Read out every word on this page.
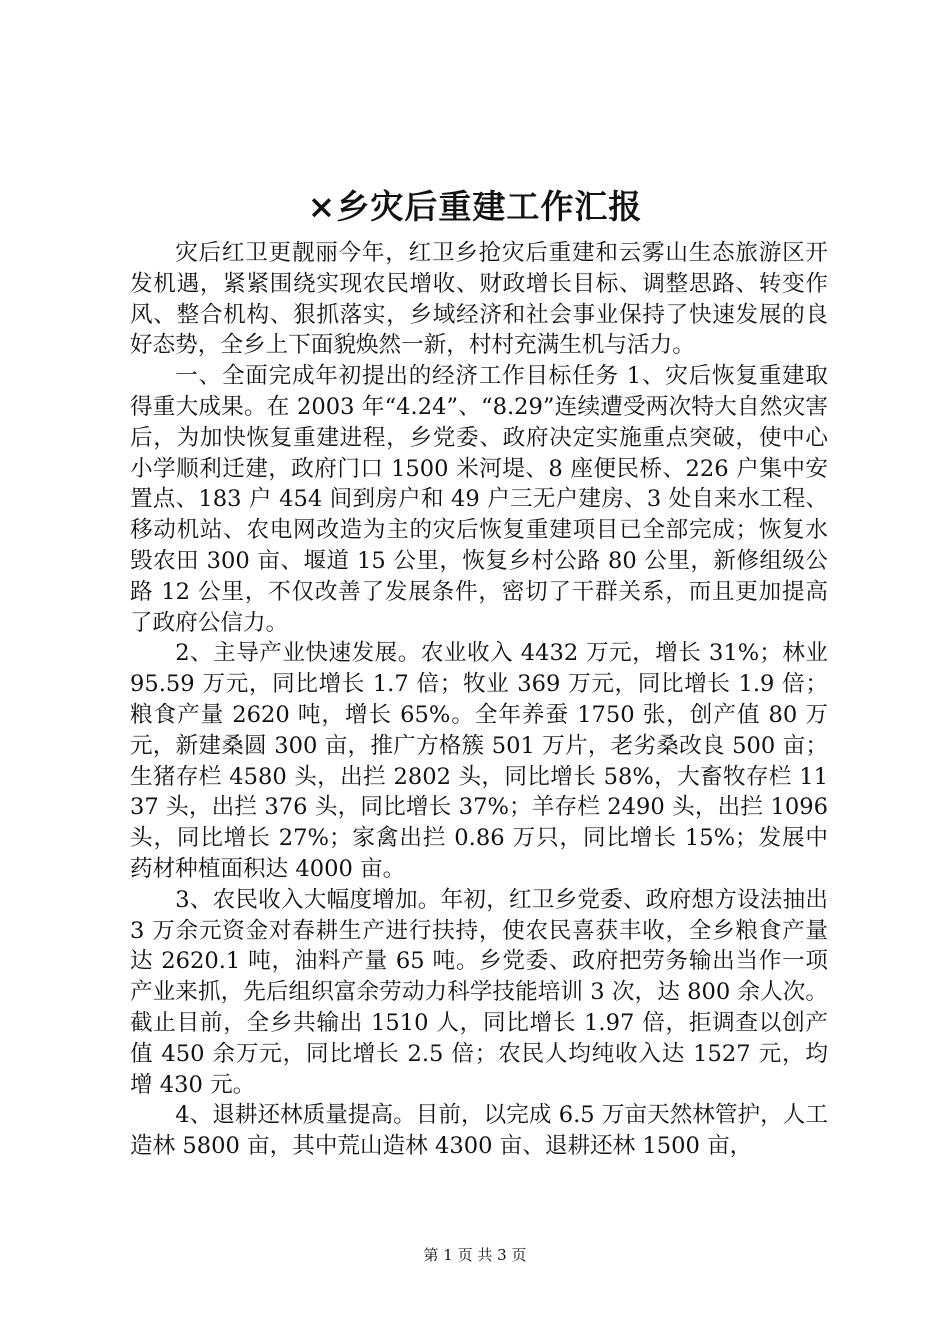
×乡灾后重建工作汇报

灾后红卫更靓丽今年，红卫乡抢灾后重建和云雾山生态旅游区开发机遇，紧紧围绕实现农民增收、财政增长目标、调整思路、转变作风、整合机构、狠抓落实，乡域经济和社会事业保持了快速发展的良好态势，全乡上下面貌焕然一新，村村充满生机与活力。

一、全面完成年初提出的经济工作目标任务 1、灾后恢复重建取得重大成果。在 2003 年“4.24”、“8.29”连续遭受两次特大自然灾害后，为加快恢复重建进程，乡党委、政府决定实施重点突破，使中心小学顺利迁建，政府门口 1500 米河堤、8 座便民桥、226 户集中安置点、183 户 454 间到房户和 49 户三无户建房、3 处自来水工程、移动机站、农电网改造为主的灾后恢复重建项目已全部完成；恢复水毁农田 300 亩、堰道 15 公里，恢复乡村公路 80 公里，新修组级公路 12 公里，不仅改善了发展条件，密切了干群关系，而且更加提高了政府公信力。

2、主导产业快速发展。农业收入 4432 万元，增长 31%；林业 95.59 万元，同比增长 1.7 倍；牧业 369 万元，同比增长 1.9 倍；粮食产量 2620 吨，增长 65%。全年养蚕 1750 张，创产值 80 万元，新建桑圆 300 亩，推广方格簇 501 万片，老劣桑改良 500 亩；生猪存栏 4580 头，出拦 2802 头，同比增长 58%，大畜牧存栏 1137 头，出拦 376 头，同比增长 37%；羊存栏 2490 头，出拦 1096 头，同比增长 27%；家禽出拦 0.86 万只，同比增长 15%；发展中药材种植面积达 4000 亩。

3、农民收入大幅度增加。年初，红卫乡党委、政府想方设法抽出 3 万余元资金对春耕生产进行扶持，使农民喜获丰收，全乡粮食产量达 2620.1 吨，油料产量 65 吨。乡党委、政府把劳务输出当作一项产业来抓，先后组织富余劳动力科学技能培训 3 次，达 800 余人次。截止目前，全乡共输出 1510 人，同比增长 1.97 倍，拒调查以创产值 450 余万元，同比增长 2.5 倍；农民人均纯收入达 1527 元，均增 430 元。

4、退耕还林质量提高。目前，以完成 6.5 万亩天然林管护，人工造林 5800 亩，其中荒山造林 4300 亩、退耕还林 1500 亩，

第 1 页 共 3 页
